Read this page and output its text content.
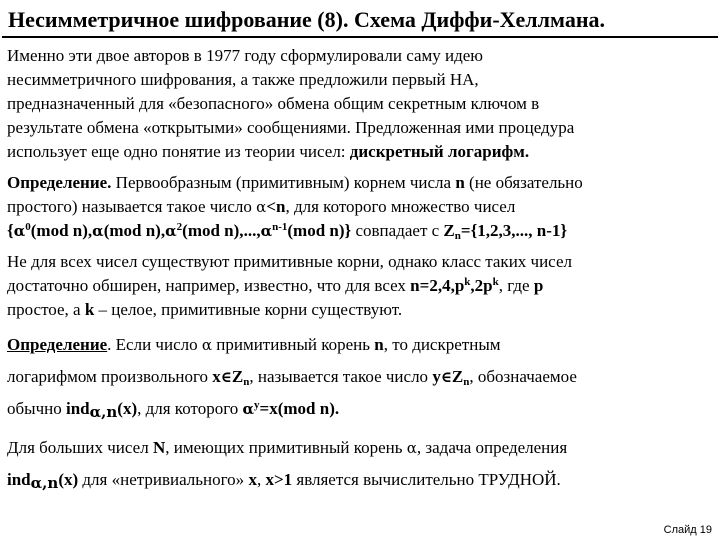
Несимметричное шифрование (8). Схема Диффи-Хеллмана.
Именно эти двое авторов в 1977 году сформулировали саму идею
несимметричного шифрования, а также предложили первый НА,
предназначенный для «безопасного» обмена общим секретным ключом в
результате обмена «открытыми» сообщениями. Предложенная ими процедура
использует еще одно понятие из теории чисел: дискретный логарифм.
Определение. Первообразным (примитивным) корнем числа n (не обязательно
простого) называется такое число α<n, для которого множество чисел
{$\alpha^0(mod$ n),α(mod $n),\alpha^2(mod$ $n),...,\alpha^{n-1}(mod$ n)} совпадает с $Z_n=\{1,2,3$,..., n-1}
Не для всех чисел существуют примитивные корни, однако класс таких чисел
достаточно обширен, например, известно, что для всех $n=2,4,p^k,2p^k$, где p
простое, а k – целое, примитивные корни существуют.
Определение. Если число α примитивный корень n, то дискретным
логарифмом произвольного $x\in Z_n$, называется такое число $y\in Z_n$, обозначаемое
обычно ind$_{\alpha,n}$(x), для которого $\alpha^y=x(mod$ n).
Для больших чисел N, имеющих примитивный корень α, задача определения
ind$_{\alpha,n}$(x) для «нетривиального» x, x>1 является вычислительно ТРУДНОЙ.
Слайд 19
